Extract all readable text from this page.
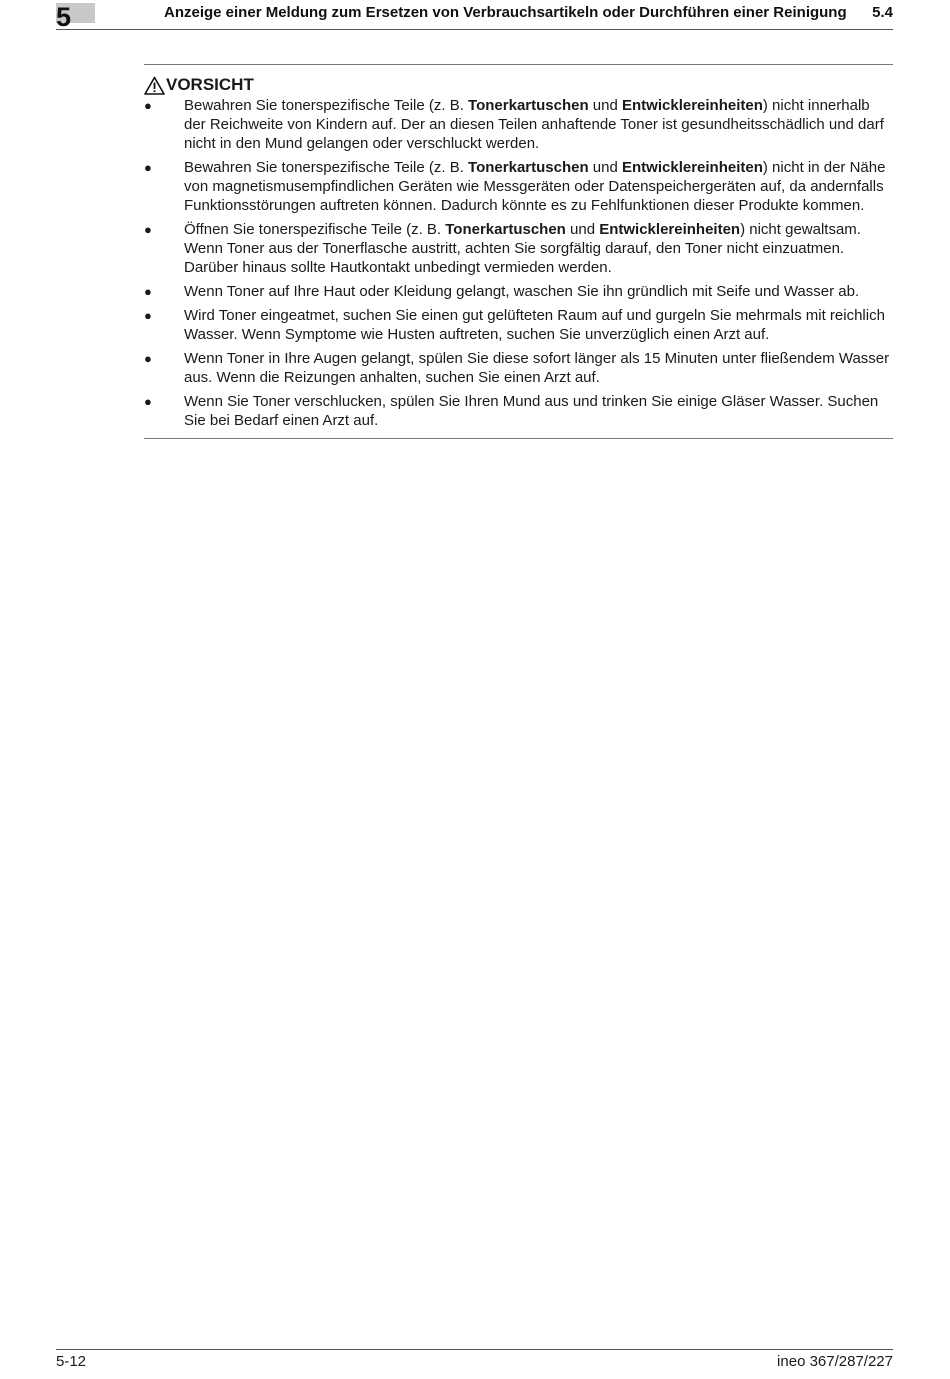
5	Anzeige einer Meldung zum Ersetzen von Verbrauchsartikeln oder Durchführen einer Reinigung 5.4
VORSICHT
● Bewahren Sie tonerspezifische Teile (z. B. Tonerkartuschen und Entwicklereinheiten) nicht innerhalb der Reichweite von Kindern auf. Der an diesen Teilen anhaftende Toner ist gesundheitsschädlich und darf nicht in den Mund gelangen oder verschluckt werden.
● Bewahren Sie tonerspezifische Teile (z. B. Tonerkartuschen und Entwicklereinheiten) nicht in der Nähe von magnetismusempfindlichen Geräten wie Messgeräten oder Datenspeichergeräten auf, da andernfalls Funktionsstörungen auftreten können. Dadurch könnte es zu Fehlfunktionen dieser Produkte kommen.
● Öffnen Sie tonerspezifische Teile (z. B. Tonerkartuschen und Entwicklereinheiten) nicht gewaltsam. Wenn Toner aus der Tonerflasche austritt, achten Sie sorgfältig darauf, den Toner nicht einzuatmen. Darüber hinaus sollte Hautkontakt unbedingt vermieden werden.
● Wenn Toner auf Ihre Haut oder Kleidung gelangt, waschen Sie ihn gründlich mit Seife und Wasser ab.
● Wird Toner eingeatmet, suchen Sie einen gut gelüfteten Raum auf und gurgeln Sie mehrmals mit reichlich Wasser. Wenn Symptome wie Husten auftreten, suchen Sie unverzüglich einen Arzt auf.
● Wenn Toner in Ihre Augen gelangt, spülen Sie diese sofort länger als 15 Minuten unter fließendem Wasser aus. Wenn die Reizungen anhalten, suchen Sie einen Arzt auf.
● Wenn Sie Toner verschlucken, spülen Sie Ihren Mund aus und trinken Sie einige Gläser Wasser. Suchen Sie bei Bedarf einen Arzt auf.
5-12	ineo 367/287/227
